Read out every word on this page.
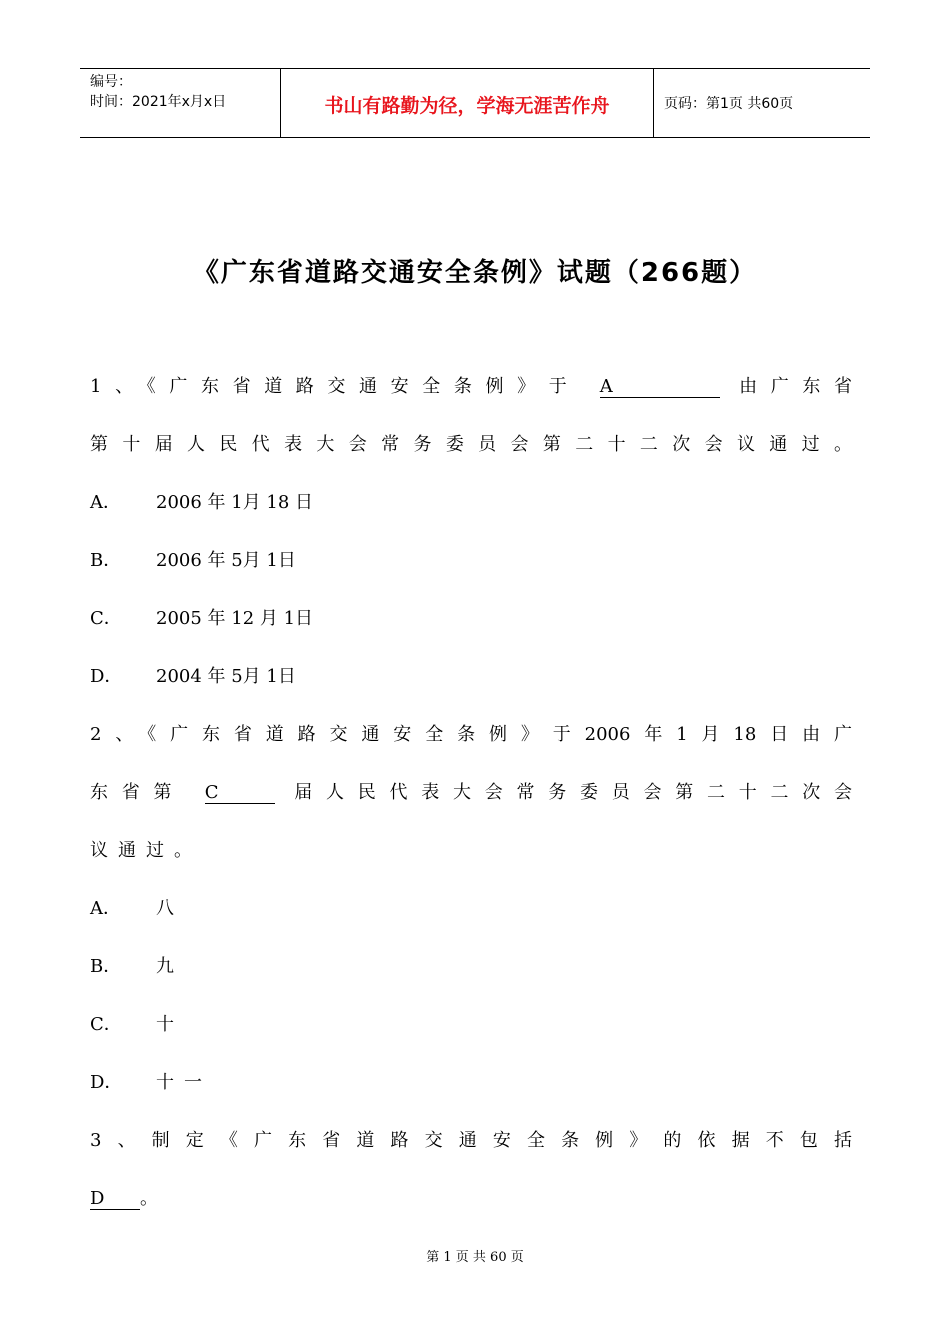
编号：
时间：2021年x月x日	书山有路勤为径，学海无涯苦作舟	页码：第1页 共60页
《广东省道路交通安全条例》试题（266题）
1、《广东省道路交通安全条例》于 A	由广东省
第十届人民代表大会常务委员会第二十二次会议通过。
A． 2006 年 1月 18 日
B． 2006 年 5月 1日
C． 2005 年 12 月 1日
D． 2004 年 5月 1日
2、《广东省道路交通安全条例》于2006年1月18日由广
东省第 C	届人民代表大会常务委员会第二十二次会
议通过。
A． 八
B． 九
C． 十
D． 十一
3、制定《广东省道路交通安全条例》的依据不包括
D 。
第 1 页 共 60 页
